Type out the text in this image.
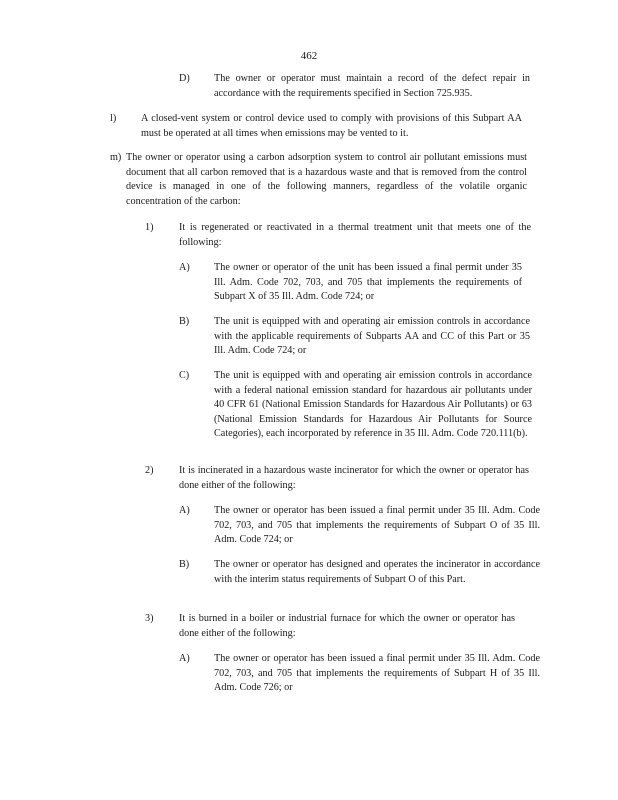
462
D) The owner or operator must maintain a record of the defect repair in accordance with the requirements specified in Section 725.935.
l) A closed-vent system or control device used to comply with provisions of this Subpart AA must be operated at all times when emissions may be vented to it.
m) The owner or operator using a carbon adsorption system to control air pollutant emissions must document that all carbon removed that is a hazardous waste and that is removed from the control device is managed in one of the following manners, regardless of the volatile organic concentration of the carbon:

1)	It is regenerated or reactivated in a thermal treatment unit that meets one of the following:
A) The owner or operator of the unit has been issued a final permit under 35 Ill. Adm. Code 702, 703, and 705 that implements the requirements of Subpart X of 35 Ill. Adm. Code 724; or
B) The unit is equipped with and operating air emission controls in accordance with the applicable requirements of Subparts AA and CC of this Part or 35 Ill. Adm. Code 724; or
C) The unit is equipped with and operating air emission controls in accordance with a federal national emission standard for hazardous air pollutants under 40 CFR 61 (National Emission Standards for Hazardous Air Pollutants) or 63 (National Emission Standards for Hazardous Air Pollutants for Source Categories), each incorporated by reference in 35 Ill. Adm. Code 720.111(b).
2)	It is incinerated in a hazardous waste incinerator for which the owner or operator has done either of the following:
A) The owner or operator has been issued a final permit under 35 Ill. Adm. Code 702, 703, and 705 that implements the requirements of Subpart O of 35 Ill. Adm. Code 724; or
B) The owner or operator has designed and operates the incinerator in accordance with the interim status requirements of Subpart O of this Part.
3)	It is burned in a boiler or industrial furnace for which the owner or operator has done either of the following:
A) The owner or operator has been issued a final permit under 35 Ill. Adm. Code 702, 703, and 705 that implements the requirements of Subpart H of 35 Ill. Adm. Code 726; or
